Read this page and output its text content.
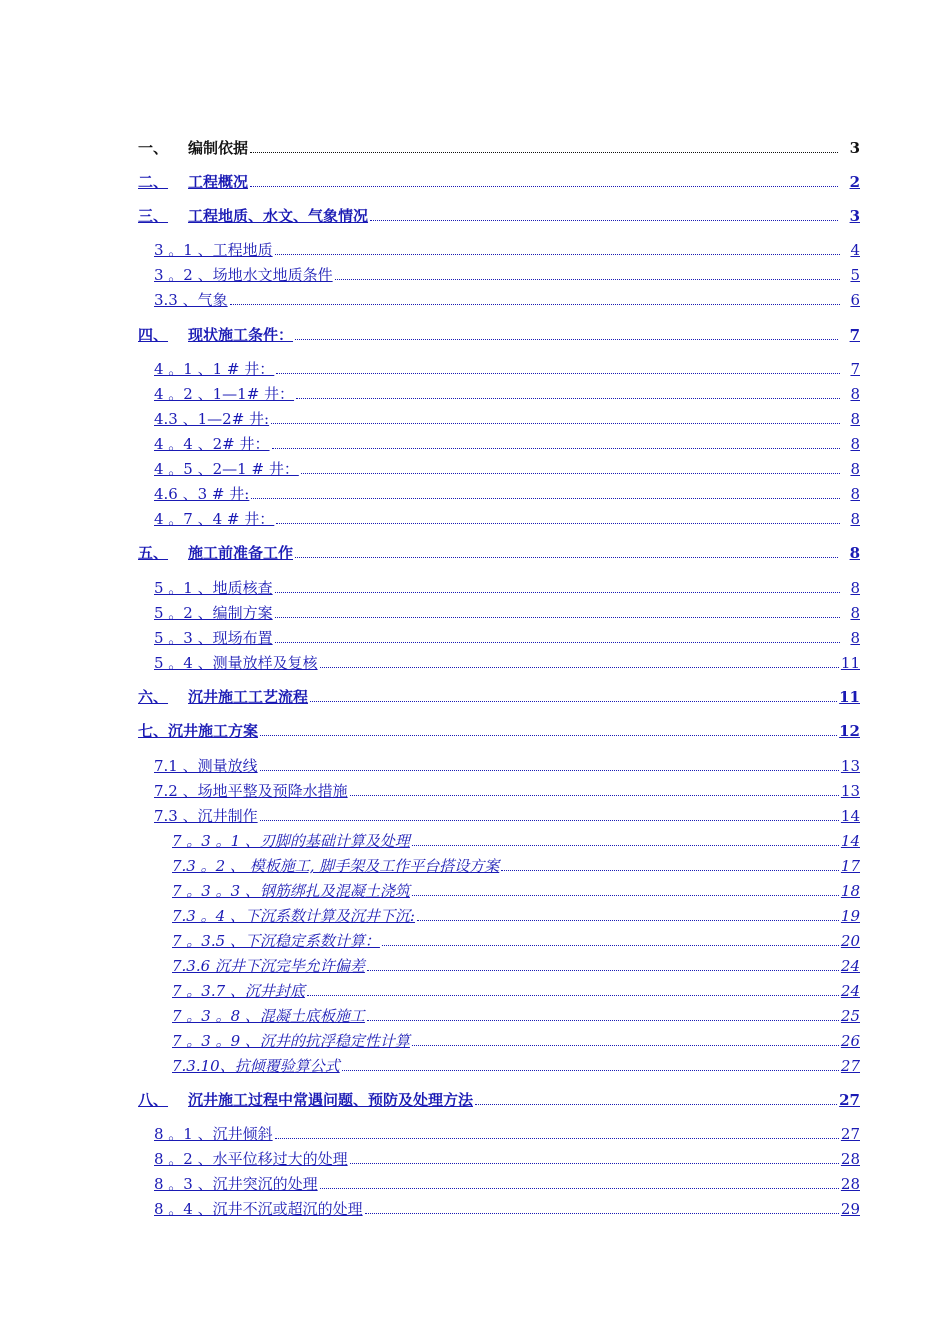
一、	编制依据	3
二、	工程概况	2
三、	工程地质、水文、气象情况	3
3 。1 、工程地质	4
3 。2 、场地水文地质条件	5
3.3 、气象	6
四、	现状施工条件：	7
4 。1 、1 # 井：	7
4 。2 、1—1# 井：	8
4.3 、1—2# 井:	8
4 。4 、2# 井：	8
4 。5 、2—1 # 井：	8
4.6 、3 # 井:	8
4 。7 、4 # 井：	8
五、	施工前准备工作	8
5 。1 、地质核查	8
5 。2 、编制方案	8
5 。3 、现场布置	8
5 。4 、测量放样及复核	11
六、	沉井施工工艺流程	11
七、沉井施工方案	12
7.1 、测量放线	13
7.2 、场地平整及预降水措施	13
7.3 、沉井制作	14
7 。3 。1 、刃脚的基础计算及处理	14
7.3 。2 、 模板施工, 脚手架及工作平台搭设方案	17
7 。3 。3 、钢筋绑扎及混凝土浇筑	18
7.3 。4 、下沉系数计算及沉井下沉:	19
7 。3.5 、下沉稳定系数计算：	20
7.3.6 沉井下沉完毕允许偏差	24
7 。3.7 、沉井封底	24
7 。3 。8 、混凝土底板施工	25
7 。3 。9 、沉井的抗浮稳定性计算	26
7.3.10、抗倾覆验算公式	27
八、	沉井施工过程中常遇问题、预防及处理方法	27
8 。1 、沉井倾斜	27
8 。2 、水平位移过大的处理	28
8 。3 、沉井突沉的处理	28
8 。4 、沉井不沉或超沉的处理	29
